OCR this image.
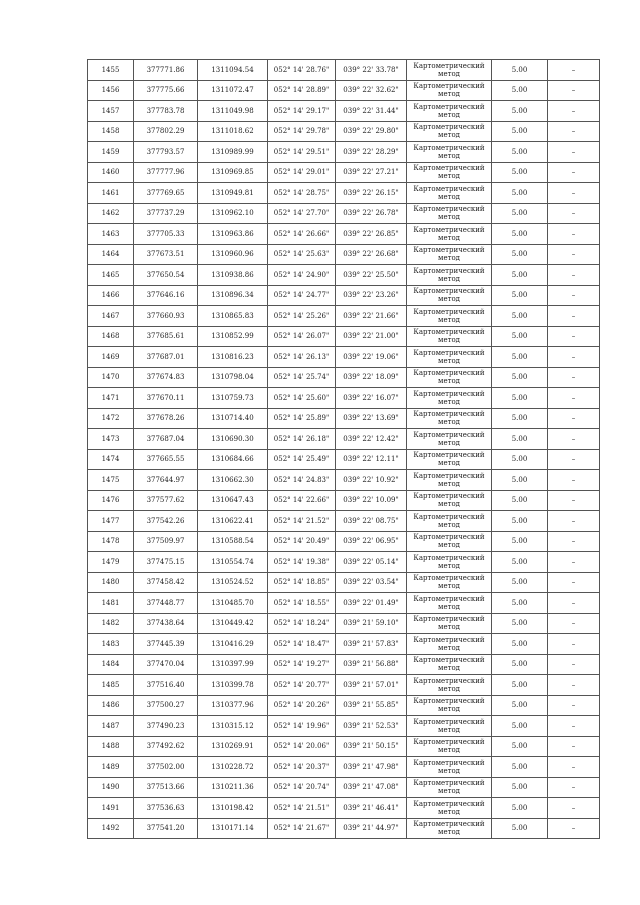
1455	377771.86	1311094.54	052° 14' 28.76"	039° 22' 33.78"	Картометрический метод	5.00	–
1456	377775.66	1311072.47	052° 14' 28.89"	039° 22' 32.62"	Картометрический метод	5.00	–
1457	377783.78	1311049.98	052° 14' 29.17"	039° 22' 31.44"	Картометрический метод	5.00	–
1458	377802.29	1311018.62	052° 14' 29.78"	039° 22' 29.80"	Картометрический метод	5.00	–
1459	377793.57	1310989.99	052° 14' 29.51"	039° 22' 28.29"	Картометрический метод	5.00	–
1460	377777.96	1310969.85	052° 14' 29.01"	039° 22' 27.21"	Картометрический метод	5.00	–
1461	377769.65	1310949.81	052° 14' 28.75"	039° 22' 26.15"	Картометрический метод	5.00	–
1462	377737.29	1310962.10	052° 14' 27.70"	039° 22' 26.78"	Картометрический метод	5.00	–
1463	377705.33	1310963.86	052° 14' 26.66"	039° 22' 26.85"	Картометрический метод	5.00	–
1464	377673.51	1310960.96	052° 14' 25.63"	039° 22' 26.68"	Картометрический метод	5.00	–
1465	377650.54	1310938.86	052° 14' 24.90"	039° 22' 25.50"	Картометрический метод	5.00	–
1466	377646.16	1310896.34	052° 14' 24.77"	039° 22' 23.26"	Картометрический метод	5.00	–
1467	377660.93	1310865.83	052° 14' 25.26"	039° 22' 21.66"	Картометрический метод	5.00	–
1468	377685.61	1310852.99	052° 14' 26.07"	039° 22' 21.00"	Картометрический метод	5.00	–
1469	377687.01	1310816.23	052° 14' 26.13"	039° 22' 19.06"	Картометрический метод	5.00	–
1470	377674.83	1310798.04	052° 14' 25.74"	039° 22' 18.09"	Картометрический метод	5.00	–
1471	377670.11	1310759.73	052° 14' 25.60"	039° 22' 16.07"	Картометрический метод	5.00	–
1472	377678.26	1310714.40	052° 14' 25.89"	039° 22' 13.69"	Картометрический метод	5.00	–
1473	377687.04	1310690.30	052° 14' 26.18"	039° 22' 12.42"	Картометрический метод	5.00	–
1474	377665.55	1310684.66	052° 14' 25.49"	039° 22' 12.11"	Картометрический метод	5.00	–
1475	377644.97	1310662.30	052° 14' 24.83"	039° 22' 10.92"	Картометрический метод	5.00	–
1476	377577.62	1310647.43	052° 14' 22.66"	039° 22' 10.09"	Картометрический метод	5.00	–
1477	377542.26	1310622.41	052° 14' 21.52"	039° 22' 08.75"	Картометрический метод	5.00	–
1478	377509.97	1310588.54	052° 14' 20.49"	039° 22' 06.95"	Картометрический метод	5.00	–
1479	377475.15	1310554.74	052° 14' 19.38"	039° 22' 05.14"	Картометрический метод	5.00	–
1480	377458.42	1310524.52	052° 14' 18.85"	039° 22' 03.54"	Картометрический метод	5.00	–
1481	377448.77	1310485.70	052° 14' 18.55"	039° 22' 01.49"	Картометрический метод	5.00	–
1482	377438.64	1310449.42	052° 14' 18.24"	039° 21' 59.10"	Картометрический метод	5.00	–
1483	377445.39	1310416.29	052° 14' 18.47"	039° 21' 57.83"	Картометрический метод	5.00	–
1484	377470.04	1310397.99	052° 14' 19.27"	039° 21' 56.88"	Картометрический метод	5.00	–
1485	377516.40	1310399.78	052° 14' 20.77"	039° 21' 57.01"	Картометрический метод	5.00	–
1486	377500.27	1310377.96	052° 14' 20.26"	039° 21' 55.85"	Картометрический метод	5.00	–
1487	377490.23	1310315.12	052° 14' 19.96"	039° 21' 52.53"	Картометрический метод	5.00	–
1488	377492.62	1310269.91	052° 14' 20.06"	039° 21' 50.15"	Картометрический метод	5.00	–
1489	377502.00	1310228.72	052° 14' 20.37"	039° 21' 47.98"	Картометрический метод	5.00	–
1490	377513.66	1310211.36	052° 14' 20.74"	039° 21' 47.08"	Картометрический метод	5.00	–
1491	377536.63	1310198.42	052° 14' 21.51"	039° 21' 46.41"	Картометрический метод	5.00	–
1492	377541.20	1310171.14	052° 14' 21.67"	039° 21' 44.97"	Картометрический метод	5.00	–
